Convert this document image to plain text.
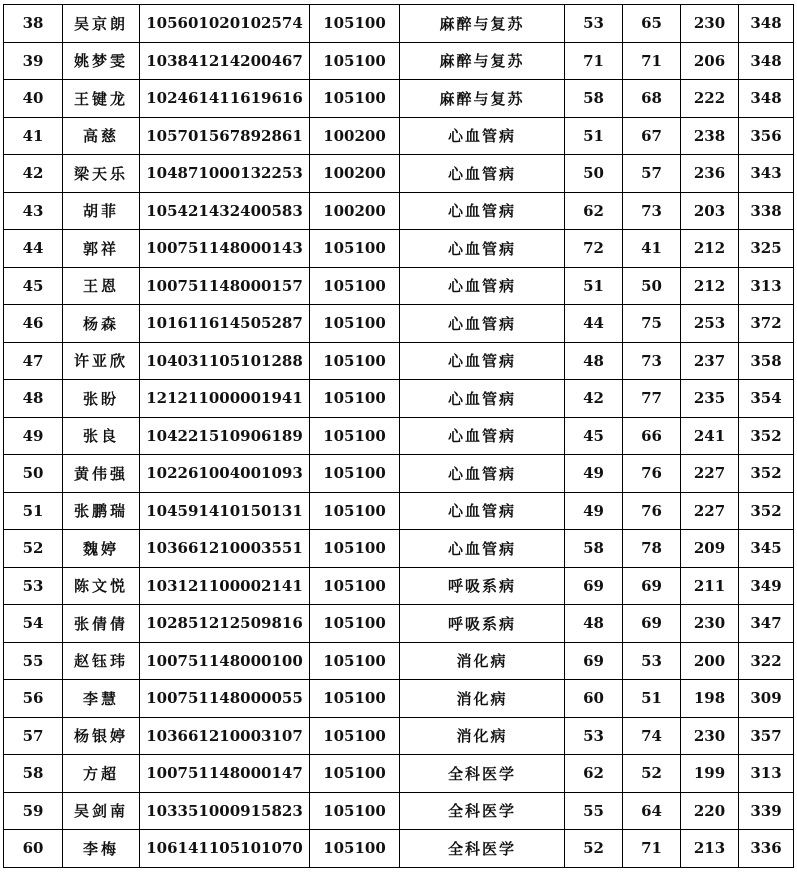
38	吴京朗	105601020102574	105100	麻醉与复苏	53	65	230	348
39	姚梦雯	103841214200467	105100	麻醉与复苏	71	71	206	348
40	王键龙	102461411619616	105100	麻醉与复苏	58	68	222	348
41	高慈	105701567892861	100200	心血管病	51	67	238	356
42	梁天乐	104871000132253	100200	心血管病	50	57	236	343
43	胡菲	105421432400583	100200	心血管病	62	73	203	338
44	郭祥	100751148000143	105100	心血管病	72	41	212	325
45	王恩	100751148000157	105100	心血管病	51	50	212	313
46	杨森	101611614505287	105100	心血管病	44	75	253	372
47	许亚欣	104031105101288	105100	心血管病	48	73	237	358
48	张盼	121211000001941	105100	心血管病	42	77	235	354
49	张良	104221510906189	105100	心血管病	45	66	241	352
50	黄伟强	102261004001093	105100	心血管病	49	76	227	352
51	张鹏瑞	104591410150131	105100	心血管病	49	76	227	352
52	魏婷	103661210003551	105100	心血管病	58	78	209	345
53	陈文悦	103121100002141	105100	呼吸系病	69	69	211	349
54	张倩倩	102851212509816	105100	呼吸系病	48	69	230	347
55	赵钰玮	100751148000100	105100	消化病	69	53	200	322
56	李慧	100751148000055	105100	消化病	60	51	198	309
57	杨银婷	103661210003107	105100	消化病	53	74	230	357
58	方超	100751148000147	105100	全科医学	62	52	199	313
59	吴剑南	103351000915823	105100	全科医学	55	64	220	339
60	李梅	106141105101070	105100	全科医学	52	71	213	336
